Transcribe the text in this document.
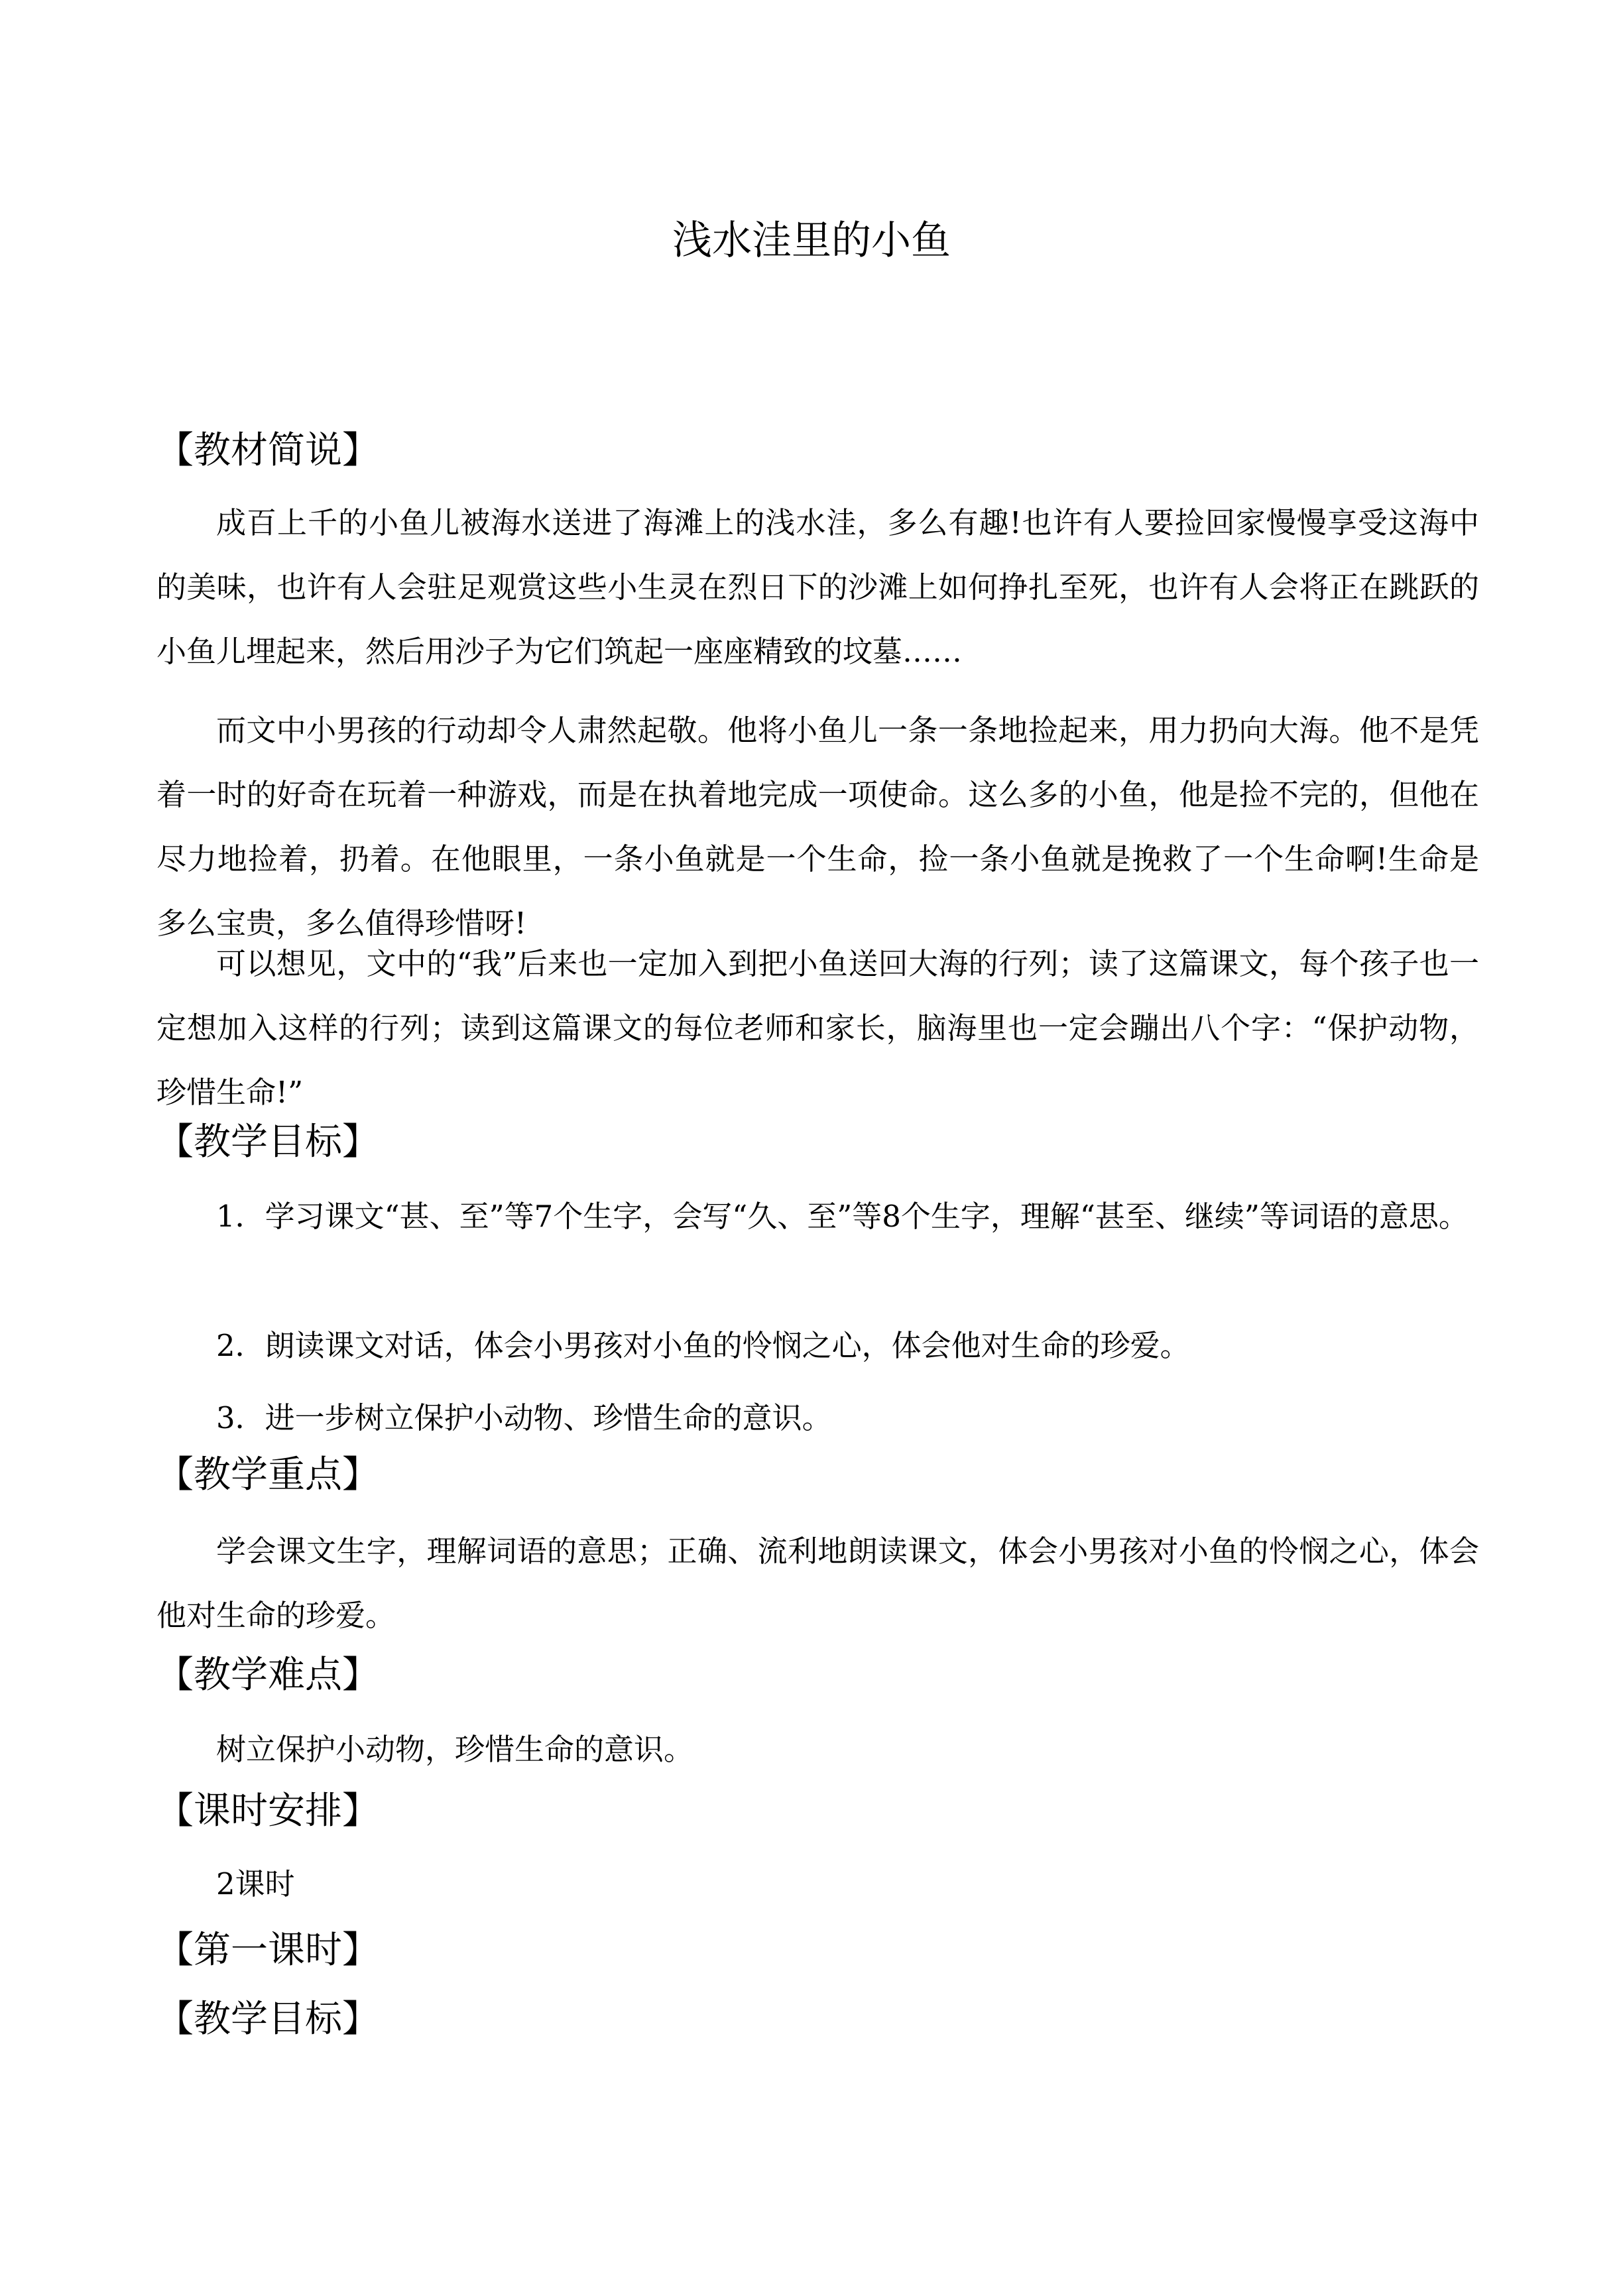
浅水洼里的小鱼
【教材简说】

成百上千的小鱼儿被海水送进了海滩上的浅水洼，多么有趣!也许有人要捡回家慢慢享受这海中的美味，也许有人会驻足观赏这些小生灵在烈日下的沙滩上如何挣扎至死，也许有人会将正在跳跃的小鱼儿埋起来，然后用沙子为它们筑起一座座精致的坟墓……

而文中小男孩的行动却令人肃然起敬。他将小鱼儿一条一条地捡起来，用力扔向大海。他不是凭着一时的好奇在玩着一种游戏，而是在执着地完成一项使命。这么多的小鱼，他是捡不完的，但他在尽力地捡着，扔着。在他眼里，一条小鱼就是一个生命，捡一条小鱼就是挽救了一个生命啊!生命是多么宝贵，多么值得珍惜呀!

可以想见，文中的“我”后来也一定加入到把小鱼送回大海的行列；读了这篇课文，每个孩子也一定想加入这样的行列；读到这篇课文的每位老师和家长，脑海里也一定会蹦出八个字：“保护动物，珍惜生命!”

【教学目标】

1．学习课文“甚、至”等7个生字，会写“久、至”等8个生字，理解“甚至、继续”等词语的意思。

2．朗读课文对话，体会小男孩对小鱼的怜悯之心，体会他对生命的珍爱。
3．进一步树立保护小动物、珍惜生命的意识。
【教学重点】

学会课文生字，理解词语的意思；正确、流利地朗读课文，体会小男孩对小鱼的怜悯之心，体会他对生命的珍爱。

【教学难点】
树立保护小动物，珍惜生命的意识。
【课时安排】
2课时
【第一课时】
【教学目标】
